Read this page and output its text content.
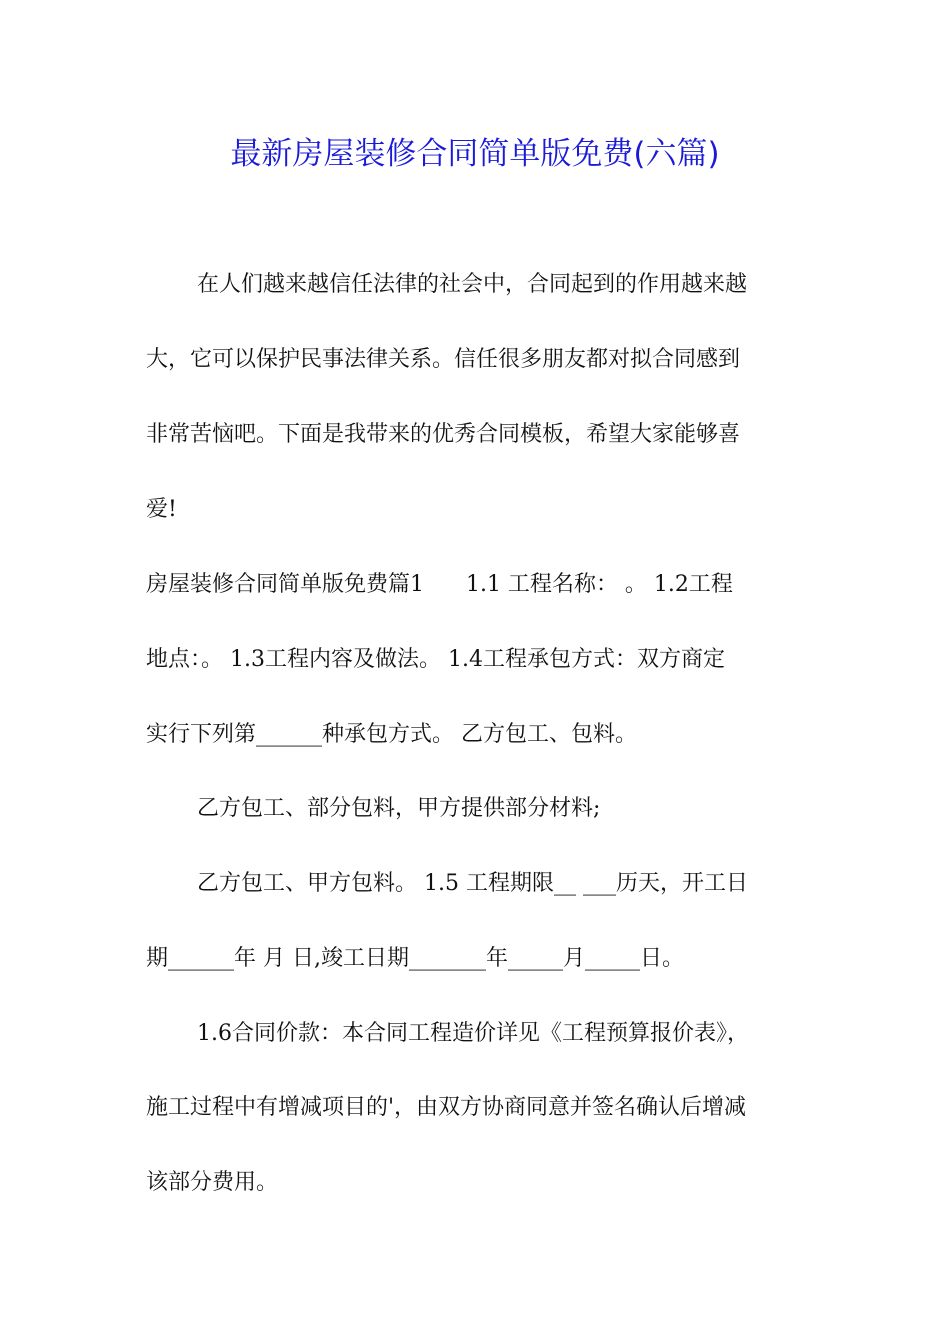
最新房屋装修合同简单版免费(六篇)
在人们越来越信任法律的社会中，合同起到的作用越来越
大，它可以保护民事法律关系。信任很多朋友都对拟合同感到
非常苦恼吧。下面是我带来的优秀合同模板，希望大家能够喜
爱!
房屋装修合同简单版免费篇1      1.1 工程名称： 。 1.2工程
地点：。 1.3工程内容及做法。 1.4工程承包方式：双方商定
实行下列第______种承包方式。 乙方包工、包料。
乙方包工、部分包料，甲方提供部分材料;
乙方包工、甲方包料。 1.5 工程期限__ ___历天，开工日
期______年 月 日,竣工日期_______年_____月_____日。
1.6合同价款：本合同工程造价详见《工程预算报价表》，
施工过程中有增减项目的'，由双方协商同意并签名确认后增减
该部分费用。
